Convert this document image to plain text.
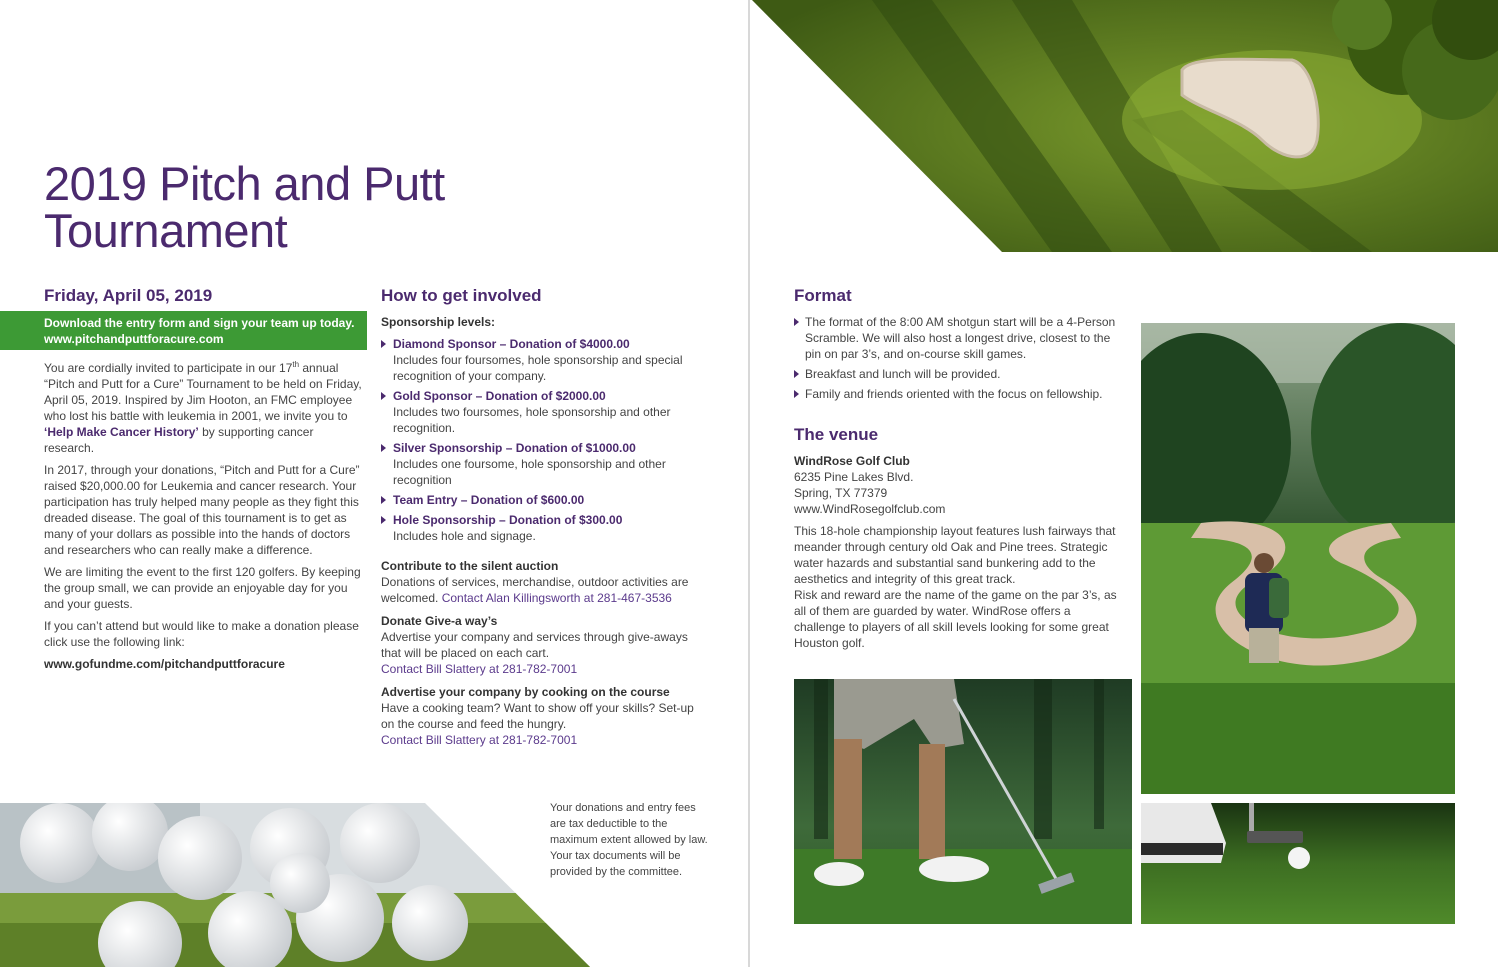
2019 Pitch and Putt
Tournament
Friday, April 05, 2019
Download the entry form and sign your team up today.
www.pitchandputtforacure.com

You are cordially invited to participate in our 17th annual “Pitch and Putt for a Cure” Tournament to be held on Friday, April 05, 2019. Inspired by Jim Hooton, an FMC employee who lost his battle with leukemia in 2001, we invite you to ‘Help Make Cancer History’ by supporting cancer research.

In 2017, through your donations, “Pitch and Putt for a Cure” raised $20,000.00 for Leukemia and cancer research. Your participation has truly helped many people as they fight this dreaded disease. The goal of this tournament is to get as many of your dollars as possible into the hands of doctors and researchers who can really make a difference.

We are limiting the event to the first 120 golfers. By keeping the group small, we can provide an enjoyable day for you and your guests.

If you can’t attend but would like to make a donation please click use the following link:

www.gofundme.com/pitchandputtforacure

How to get involved
Sponsorship levels:
Diamond Sponsor – Donation of $4000.00
Includes four foursomes, hole sponsorship and special recognition of your company.
Gold Sponsor – Donation of $2000.00
Includes two foursomes, hole sponsorship and other recognition.
Silver Sponsorship – Donation of $1000.00
Includes one foursome, hole sponsorship and other recognition
Team Entry – Donation of $600.00
Hole Sponsorship – Donation of $300.00
Includes hole and signage.
Contribute to the silent auction
Donations of services, merchandise, outdoor activities are welcomed. Contact Alan Killingsworth at 281-467-3536
Donate Give-a way’s
Advertise your company and services through give-aways that will be placed on each cart.
Contact Bill Slattery at 281-782-7001
Advertise your company by cooking on the course
Have a cooking team? Want to show off your skills? Set-up on the course and feed the hungry.
Contact Bill Slattery at 281-782-7001
Your donations and entry fees are tax deductible to the maximum extent allowed by law. Your tax documents will be provided by the committee.
Format
The format of the 8:00 AM shotgun start will be a 4-Person Scramble. We will also host a longest drive, closest to the pin on par 3’s, and on-course skill games.
Breakfast and lunch will be provided.
Family and friends oriented with the focus on fellowship.
The venue
WindRose Golf Club
6235 Pine Lakes Blvd.
Spring, TX 77379
www.WindRosegolfclub.com
This 18-hole championship layout features lush fairways that meander through century old Oak and Pine trees. Strategic water hazards and substantial sand bunkering add to the aesthetics and integrity of this great track.
Risk and reward are the name of the game on the par 3’s, as all of them are guarded by water. WindRose offers a challenge to players of all skill levels looking for some great Houston golf.
